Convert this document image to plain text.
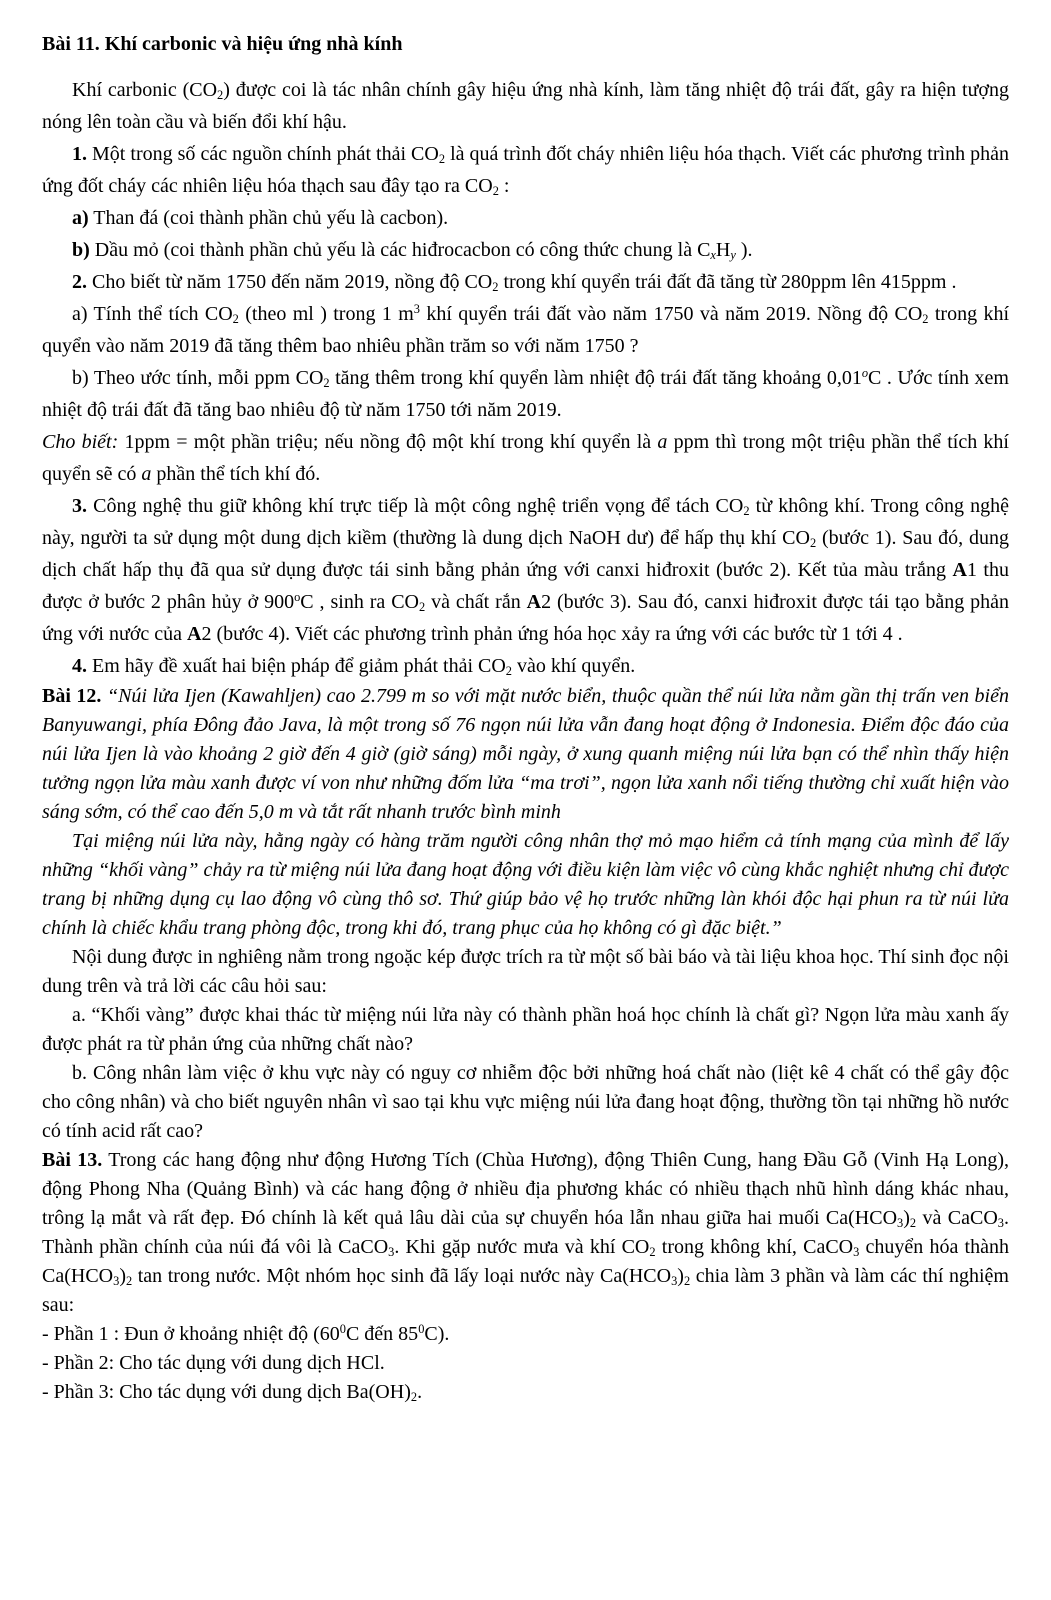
Bài 11. Khí carbonic và hiệu ứng nhà kính

Khí carbonic $(CO_2)$ được coi là tác nhân chính gây hiệu ứng nhà kính, làm tăng nhiệt độ trái đất, gây ra hiện tượng nóng lên toàn cầu và biến đổi khí hậu.

1. Một trong số các nguồn chính phát thải $CO_2$ là quá trình đốt cháy nhiên liệu hóa thạch. Viết các phương trình phản ứng đốt cháy các nhiên liệu hóa thạch sau đây tạo ra $CO_2$ :

a) Than đá (coi thành phần chủ yếu là cacbon).

b) Dầu mỏ (coi thành phần chủ yếu là các hiđrocacbon có công thức chung là $C_xH_y$ ).

2. Cho biết từ năm 1750 đến năm 2019, nồng độ $CO_2$ trong khí quyển trái đất đã tăng từ 280ppm lên 415ppm .

a) Tính thể tích $CO_2$ (theo ml ) trong 1 $m^3$ khí quyển trái đất vào năm 1750 và năm 2019. Nồng độ $CO_2$ trong khí quyển vào năm 2019 đã tăng thêm bao nhiêu phần trăm so với năm 1750 ?

b) Theo ước tính, mỗi ppm $CO_2$ tăng thêm trong khí quyển làm nhiệt độ trái đất tăng khoảng 0,01$^o$C . Ước tính xem nhiệt độ trái đất đã tăng bao nhiêu độ từ năm 1750 tới năm 2019.

Cho biết: 1ppm = một phần triệu; nếu nồng độ một khí trong khí quyển là a ppm thì trong một triệu phần thể tích khí quyển sẽ có a phần thể tích khí đó.

3. Công nghệ thu giữ không khí trực tiếp là một công nghệ triển vọng để tách $CO_2$ từ không khí. Trong công nghệ này, người ta sử dụng một dung dịch kiềm (thường là dung dịch NaOH dư) để hấp thụ khí $CO_2$ (bước 1). Sau đó, dung dịch chất hấp thụ đã qua sử dụng được tái sinh bằng phản ứng với canxi hiđroxit (bước 2). Kết tủa màu trắng A1 thu được ở bước 2 phân hủy ở 900$^o$C , sinh ra $CO_2$ và chất rắn A2 (bước 3). Sau đó, canxi hiđroxit được tái tạo bằng phản ứng với nước của A2 (bước 4). Viết các phương trình phản ứng hóa học xảy ra ứng với các bước từ 1 tới 4 .

4. Em hãy đề xuất hai biện pháp để giảm phát thải $CO_2$ vào khí quyển.

Bài 12. “Núi lửa Ijen (Kawahljen) cao 2.799 m so với mặt nước biển, thuộc quần thể núi lửa nằm gần thị trấn ven biển Banyuwangi, phía Đông đảo Java, là một trong số 76 ngọn núi lửa vẫn đang hoạt động ở Indonesia. Điểm độc đáo của núi lửa Ijen là vào khoảng 2 giờ đến 4 giờ (giờ sáng) mỗi ngày, ở xung quanh miệng núi lửa bạn có thể nhìn thấy hiện tưởng ngọn lửa màu xanh được ví von như những đốm lửa “ma trơi”, ngọn lửa xanh nổi tiếng thường chỉ xuất hiện vào sáng sớm, có thể cao đến 5,0 m và tắt rất nhanh trước bình minh

Tại miệng núi lửa này, hằng ngày có hàng trăm người công nhân thợ mỏ mạo hiểm cả tính mạng của mình để lấy những “khối vàng” chảy ra từ miệng núi lửa đang hoạt động với điều kiện làm việc vô cùng khắc nghiệt nhưng chỉ được trang bị những dụng cụ lao động vô cùng thô sơ. Thứ giúp bảo vệ họ trước những làn khói độc hại phun ra từ núi lửa chính là chiếc khẩu trang phòng độc, trong khi đó, trang phục của họ không có gì đặc biệt.”

Nội dung được in nghiêng nằm trong ngoặc kép được trích ra từ một số bài báo và tài liệu khoa học. Thí sinh đọc nội dung trên và trả lời các câu hỏi sau:

a. “Khối vàng” được khai thác từ miệng núi lửa này có thành phần hoá học chính là chất gì? Ngọn lửa màu xanh ấy được phát ra từ phản ứng của những chất nào?

b. Công nhân làm việc ở khu vực này có nguy cơ nhiễm độc bởi những hoá chất nào (liệt kê 4 chất có thể gây độc cho công nhân) và cho biết nguyên nhân vì sao tại khu vực miệng núi lửa đang hoạt động, thường tồn tại những hồ nước có tính acid rất cao?

Bài 13. Trong các hang động như động Hương Tích (Chùa Hương), động Thiên Cung, hang Đầu Gỗ (Vinh Hạ Long), động Phong Nha (Quảng Bình) và các hang động ở nhiều địa phương khác có nhiều thạch nhũ hình dáng khác nhau, trông lạ mắt và rất đẹp. Đó chính là kết quả lâu dài của sự chuyển hóa lẫn nhau giữa hai muối $Ca(HCO_3)_2$ và CaCO$_3$. Thành phần chính của núi đá vôi là CaCO$_3$. Khi gặp nước mưa và khí $CO_2$ trong không khí, CaCO$_3$ chuyển hóa thành $Ca(HCO_3)_2$ tan trong nước. Một nhóm học sinh đã lấy loại nước này $Ca(HCO_3)_2$ chia làm 3 phần và làm các thí nghiệm sau:

- Phần 1 : Đun ở khoảng nhiệt độ ($60^0C$ đến $85^0C$).

- Phần 2: Cho tác dụng với dung dịch HCl.

- Phần 3: Cho tác dụng với dung dịch $Ba(OH)_2$.
